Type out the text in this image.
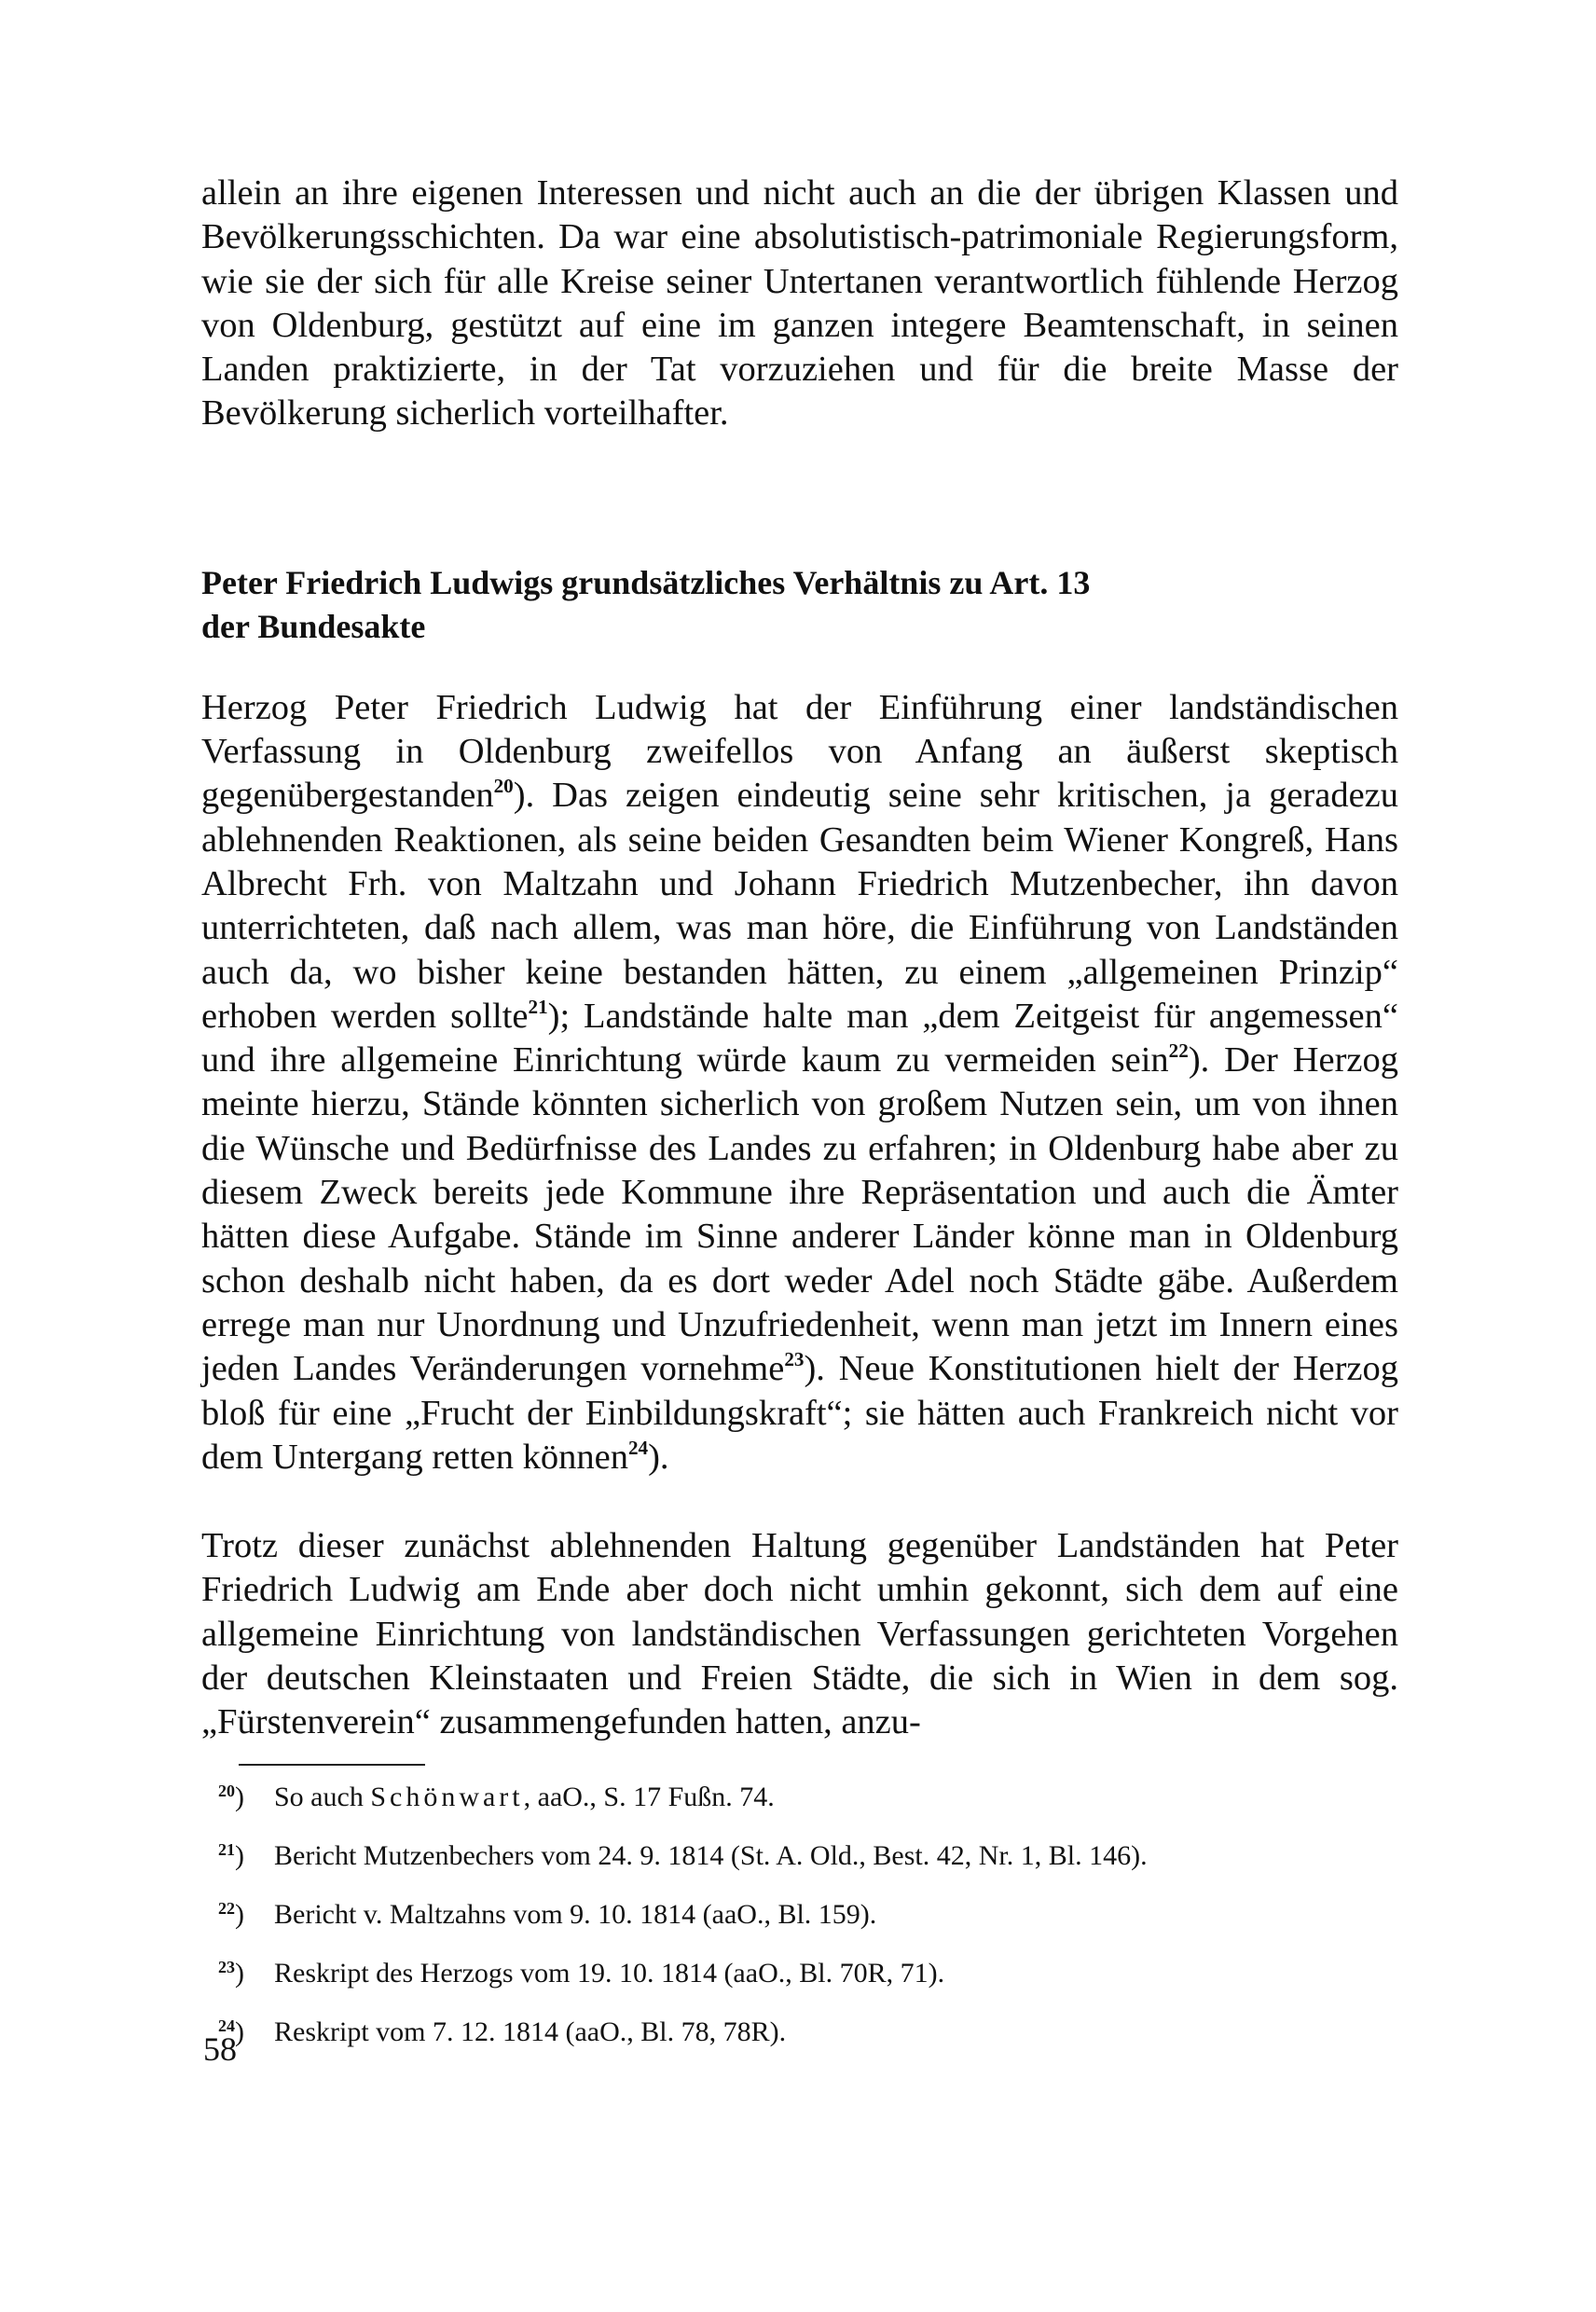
allein an ihre eigenen Interessen und nicht auch an die der übrigen Klassen und Bevölkerungsschichten. Da war eine absolutistisch-patrimoniale Regierungsform, wie sie der sich für alle Kreise seiner Untertanen verantwortlich fühlende Herzog von Oldenburg, gestützt auf eine im ganzen integere Beamtenschaft, in seinen Landen praktizierte, in der Tat vorzuziehen und für die breite Masse der Bevölkerung sicherlich vorteilhafter.

Peter Friedrich Ludwigs grundsätzliches Verhältnis zu Art. 13
der Bundesakte

Herzog Peter Friedrich Ludwig hat der Einführung einer landständischen Verfassung in Oldenburg zweifellos von Anfang an äußerst skeptisch gegenübergestanden$^{20}$). Das zeigen eindeutig seine sehr kritischen, ja geradezu ablehnenden Reaktionen, als seine beiden Gesandten beim Wiener Kongreß, Hans Albrecht Frh. von Maltzahn und Johann Friedrich Mutzenbecher, ihn davon unterrichteten, daß nach allem, was man höre, die Einführung von Landständen auch da, wo bisher keine bestanden hätten, zu einem „allgemeinen Prinzip“ erhoben werden sollte$^{21}$); Landstände halte man „dem Zeitgeist für angemessen“ und ihre allgemeine Einrichtung würde kaum zu vermeiden sein$^{22}$). Der Herzog meinte hierzu, Stände könnten sicherlich von großem Nutzen sein, um von ihnen die Wünsche und Bedürfnisse des Landes zu erfahren; in Oldenburg habe aber zu diesem Zweck bereits jede Kommune ihre Repräsentation und auch die Ämter hätten diese Aufgabe. Stände im Sinne anderer Länder könne man in Oldenburg schon deshalb nicht haben, da es dort weder Adel noch Städte gäbe. Außerdem errege man nur Unordnung und Unzufriedenheit, wenn man jetzt im Innern eines jeden Landes Veränderungen vornehme$^{23}$). Neue Konstitutionen hielt der Herzog bloß für eine „Frucht der Einbildungskraft“; sie hätten auch Frankreich nicht vor dem Untergang retten können$^{24}$).

Trotz dieser zunächst ablehnenden Haltung gegenüber Landständen hat Peter Friedrich Ludwig am Ende aber doch nicht umhin gekonnt, sich dem auf eine allgemeine Einrichtung von landständischen Verfassungen gerichteten Vorgehen der deutschen Kleinstaaten und Freien Städte, die sich in Wien in dem sog. „Fürstenverein“ zusammengefunden hatten, anzu-

$^{20}$)	So auch Schönwart, aaO., S. 17 Fußn. 74.
$^{21}$)	Bericht Mutzenbechers vom 24. 9. 1814 (St. A. Old., Best. 42, Nr. 1, Bl. 146).
$^{22}$)	Bericht v. Maltzahns vom 9. 10. 1814 (aaO., Bl. 159).
$^{23}$)	Reskript des Herzogs vom 19. 10. 1814 (aaO., Bl. 70R, 71).
$^{24}$)	Reskript vom 7. 12. 1814 (aaO., Bl. 78, 78R).
58
